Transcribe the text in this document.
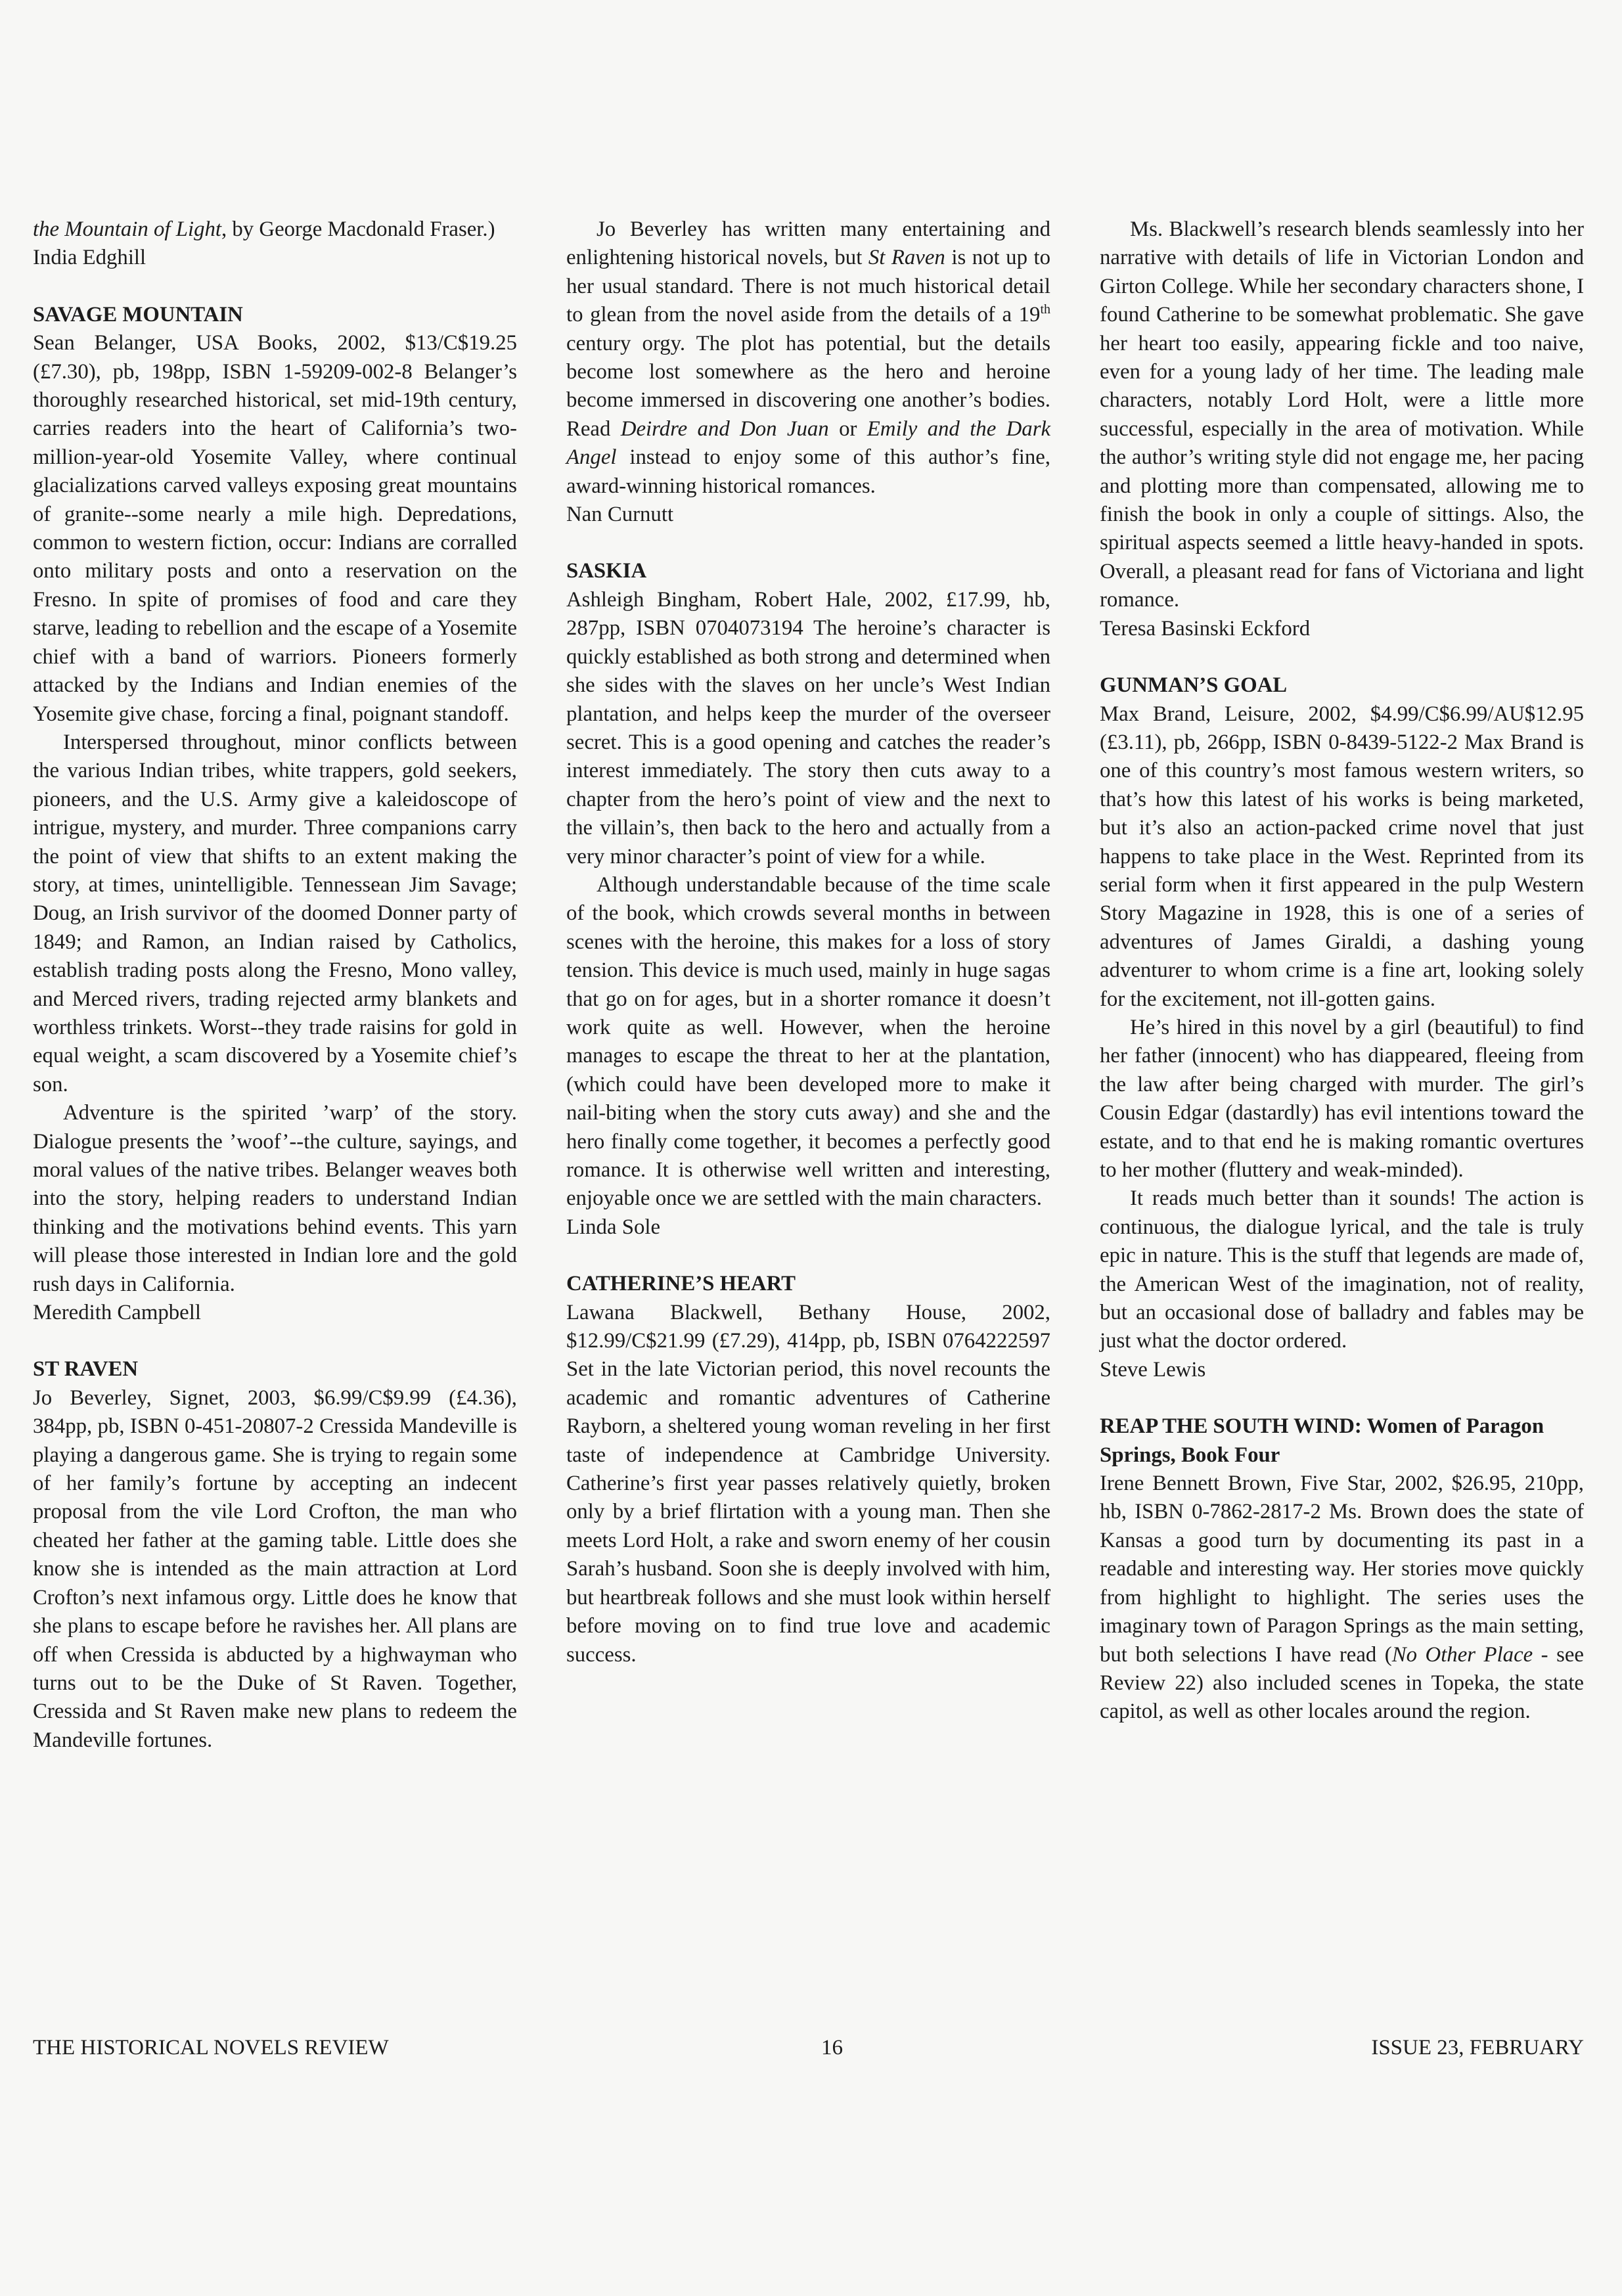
the Mountain of Light, by George Macdonald Fraser.)

India Edghill

SAVAGE MOUNTAIN

Sean Belanger, USA Books, 2002, $13/C$19.25 (£7.30), pb, 198pp, ISBN 1-59209-002-8 Belanger’s thoroughly researched historical, set mid-19th century, carries readers into the heart of California’s two-million-year-old Yosemite Valley, where continual glacializations carved valleys exposing great mountains of granite--some nearly a mile high. Depredations, common to western fiction, occur: Indians are corralled onto military posts and onto a reservation on the Fresno. In spite of promises of food and care they starve, leading to rebellion and the escape of a Yosemite chief with a band of warriors. Pioneers formerly attacked by the Indians and Indian enemies of the Yosemite give chase, forcing a final, poignant standoff.

Interspersed throughout, minor conflicts between the various Indian tribes, white trappers, gold seekers, pioneers, and the U.S. Army give a kaleidoscope of intrigue, mystery, and murder. Three companions carry the point of view that shifts to an extent making the story, at times, unintelligible. Tennessean Jim Savage; Doug, an Irish survivor of the doomed Donner party of 1849; and Ramon, an Indian raised by Catholics, establish trading posts along the Fresno, Mono valley, and Merced rivers, trading rejected army blankets and worthless trinkets. Worst--they trade raisins for gold in equal weight, a scam discovered by a Yosemite chief’s son.

Adventure is the spirited ’warp’ of the story. Dialogue presents the ’woof’--the culture, sayings, and moral values of the native tribes. Belanger weaves both into the story, helping readers to understand Indian thinking and the motivations behind events. This yarn will please those interested in Indian lore and the gold rush days in California.

Meredith Campbell

ST RAVEN

Jo Beverley, Signet, 2003, $6.99/C$9.99 (£4.36), 384pp, pb, ISBN 0-451-20807-2 Cressida Mandeville is playing a dangerous game. She is trying to regain some of her family’s fortune by accepting an indecent proposal from the vile Lord Crofton, the man who cheated her father at the gaming table. Little does she know she is intended as the main attraction at Lord Crofton’s next infamous orgy. Little does he know that she plans to escape before he ravishes her. All plans are off when Cressida is abducted by a highwayman who turns out to be the Duke of St Raven. Together, Cressida and St Raven make new plans to redeem the Mandeville fortunes.

Jo Beverley has written many entertaining and enlightening historical novels, but St Raven is not up to her usual standard. There is not much historical detail to glean from the novel aside from the details of a 19th century orgy. The plot has potential, but the details become lost somewhere as the hero and heroine become immersed in discovering one another’s bodies. Read Deirdre and Don Juan or Emily and the Dark Angel instead to enjoy some of this author’s fine, award-winning historical romances.

Nan Curnutt

SASKIA

Ashleigh Bingham, Robert Hale, 2002, £17.99, hb, 287pp, ISBN 0704073194 The heroine’s character is quickly established as both strong and determined when she sides with the slaves on her uncle’s West Indian plantation, and helps keep the murder of the overseer secret. This is a good opening and catches the reader’s interest immediately. The story then cuts away to a chapter from the hero’s point of view and the next to the villain’s, then back to the hero and actually from a very minor character’s point of view for a while.

Although understandable because of the time scale of the book, which crowds several months in between scenes with the heroine, this makes for a loss of story tension. This device is much used, mainly in huge sagas that go on for ages, but in a shorter romance it doesn’t work quite as well. However, when the heroine manages to escape the threat to her at the plantation, (which could have been developed more to make it nail-biting when the story cuts away) and she and the hero finally come together, it becomes a perfectly good romance. It is otherwise well written and interesting, enjoyable once we are settled with the main characters.

Linda Sole

CATHERINE’S HEART

Lawana Blackwell, Bethany House, 2002, $12.99/C$21.99 (£7.29), 414pp, pb, ISBN 0764222597 Set in the late Victorian period, this novel recounts the academic and romantic adventures of Catherine Rayborn, a sheltered young woman reveling in her first taste of independence at Cambridge University. Catherine’s first year passes relatively quietly, broken only by a brief flirtation with a young man. Then she meets Lord Holt, a rake and sworn enemy of her cousin Sarah’s husband. Soon she is deeply involved with him, but heartbreak follows and she must look within herself before moving on to find true love and academic success.

Ms. Blackwell’s research blends seamlessly into her narrative with details of life in Victorian London and Girton College. While her secondary characters shone, I found Catherine to be somewhat problematic. She gave her heart too easily, appearing fickle and too naive, even for a young lady of her time. The leading male characters, notably Lord Holt, were a little more successful, especially in the area of motivation. While the author’s writing style did not engage me, her pacing and plotting more than compensated, allowing me to finish the book in only a couple of sittings. Also, the spiritual aspects seemed a little heavy-handed in spots. Overall, a pleasant read for fans of Victoriana and light romance.

Teresa Basinski Eckford

GUNMAN’S GOAL

Max Brand, Leisure, 2002, $4.99/C$6.99/AU$12.95 (£3.11), pb, 266pp, ISBN 0-8439-5122-2 Max Brand is one of this country’s most famous western writers, so that’s how this latest of his works is being marketed, but it’s also an action-packed crime novel that just happens to take place in the West. Reprinted from its serial form when it first appeared in the pulp Western Story Magazine in 1928, this is one of a series of adventures of James Giraldi, a dashing young adventurer to whom crime is a fine art, looking solely for the excitement, not ill-gotten gains.

He’s hired in this novel by a girl (beautiful) to find her father (innocent) who has diappeared, fleeing from the law after being charged with murder. The girl’s Cousin Edgar (dastardly) has evil intentions toward the estate, and to that end he is making romantic overtures to her mother (fluttery and weak-minded).

It reads much better than it sounds! The action is continuous, the dialogue lyrical, and the tale is truly epic in nature. This is the stuff that legends are made of, the American West of the imagination, not of reality, but an occasional dose of balladry and fables may be just what the doctor ordered.

Steve Lewis

REAP THE SOUTH WIND: Women of Paragon Springs, Book Four

Irene Bennett Brown, Five Star, 2002, $26.95, 210pp, hb, ISBN 0-7862-2817-2 Ms. Brown does the state of Kansas a good turn by documenting its past in a readable and interesting way. Her stories move quickly from highlight to highlight. The series uses the imaginary town of Paragon Springs as the main setting, but both selections I have read (No Other Place - see Review 22) also included scenes in Topeka, the state capitol, as well as other locales around the region.

THE HISTORICAL NOVELS REVIEW	16	ISSUE 23, FEBRUARY
